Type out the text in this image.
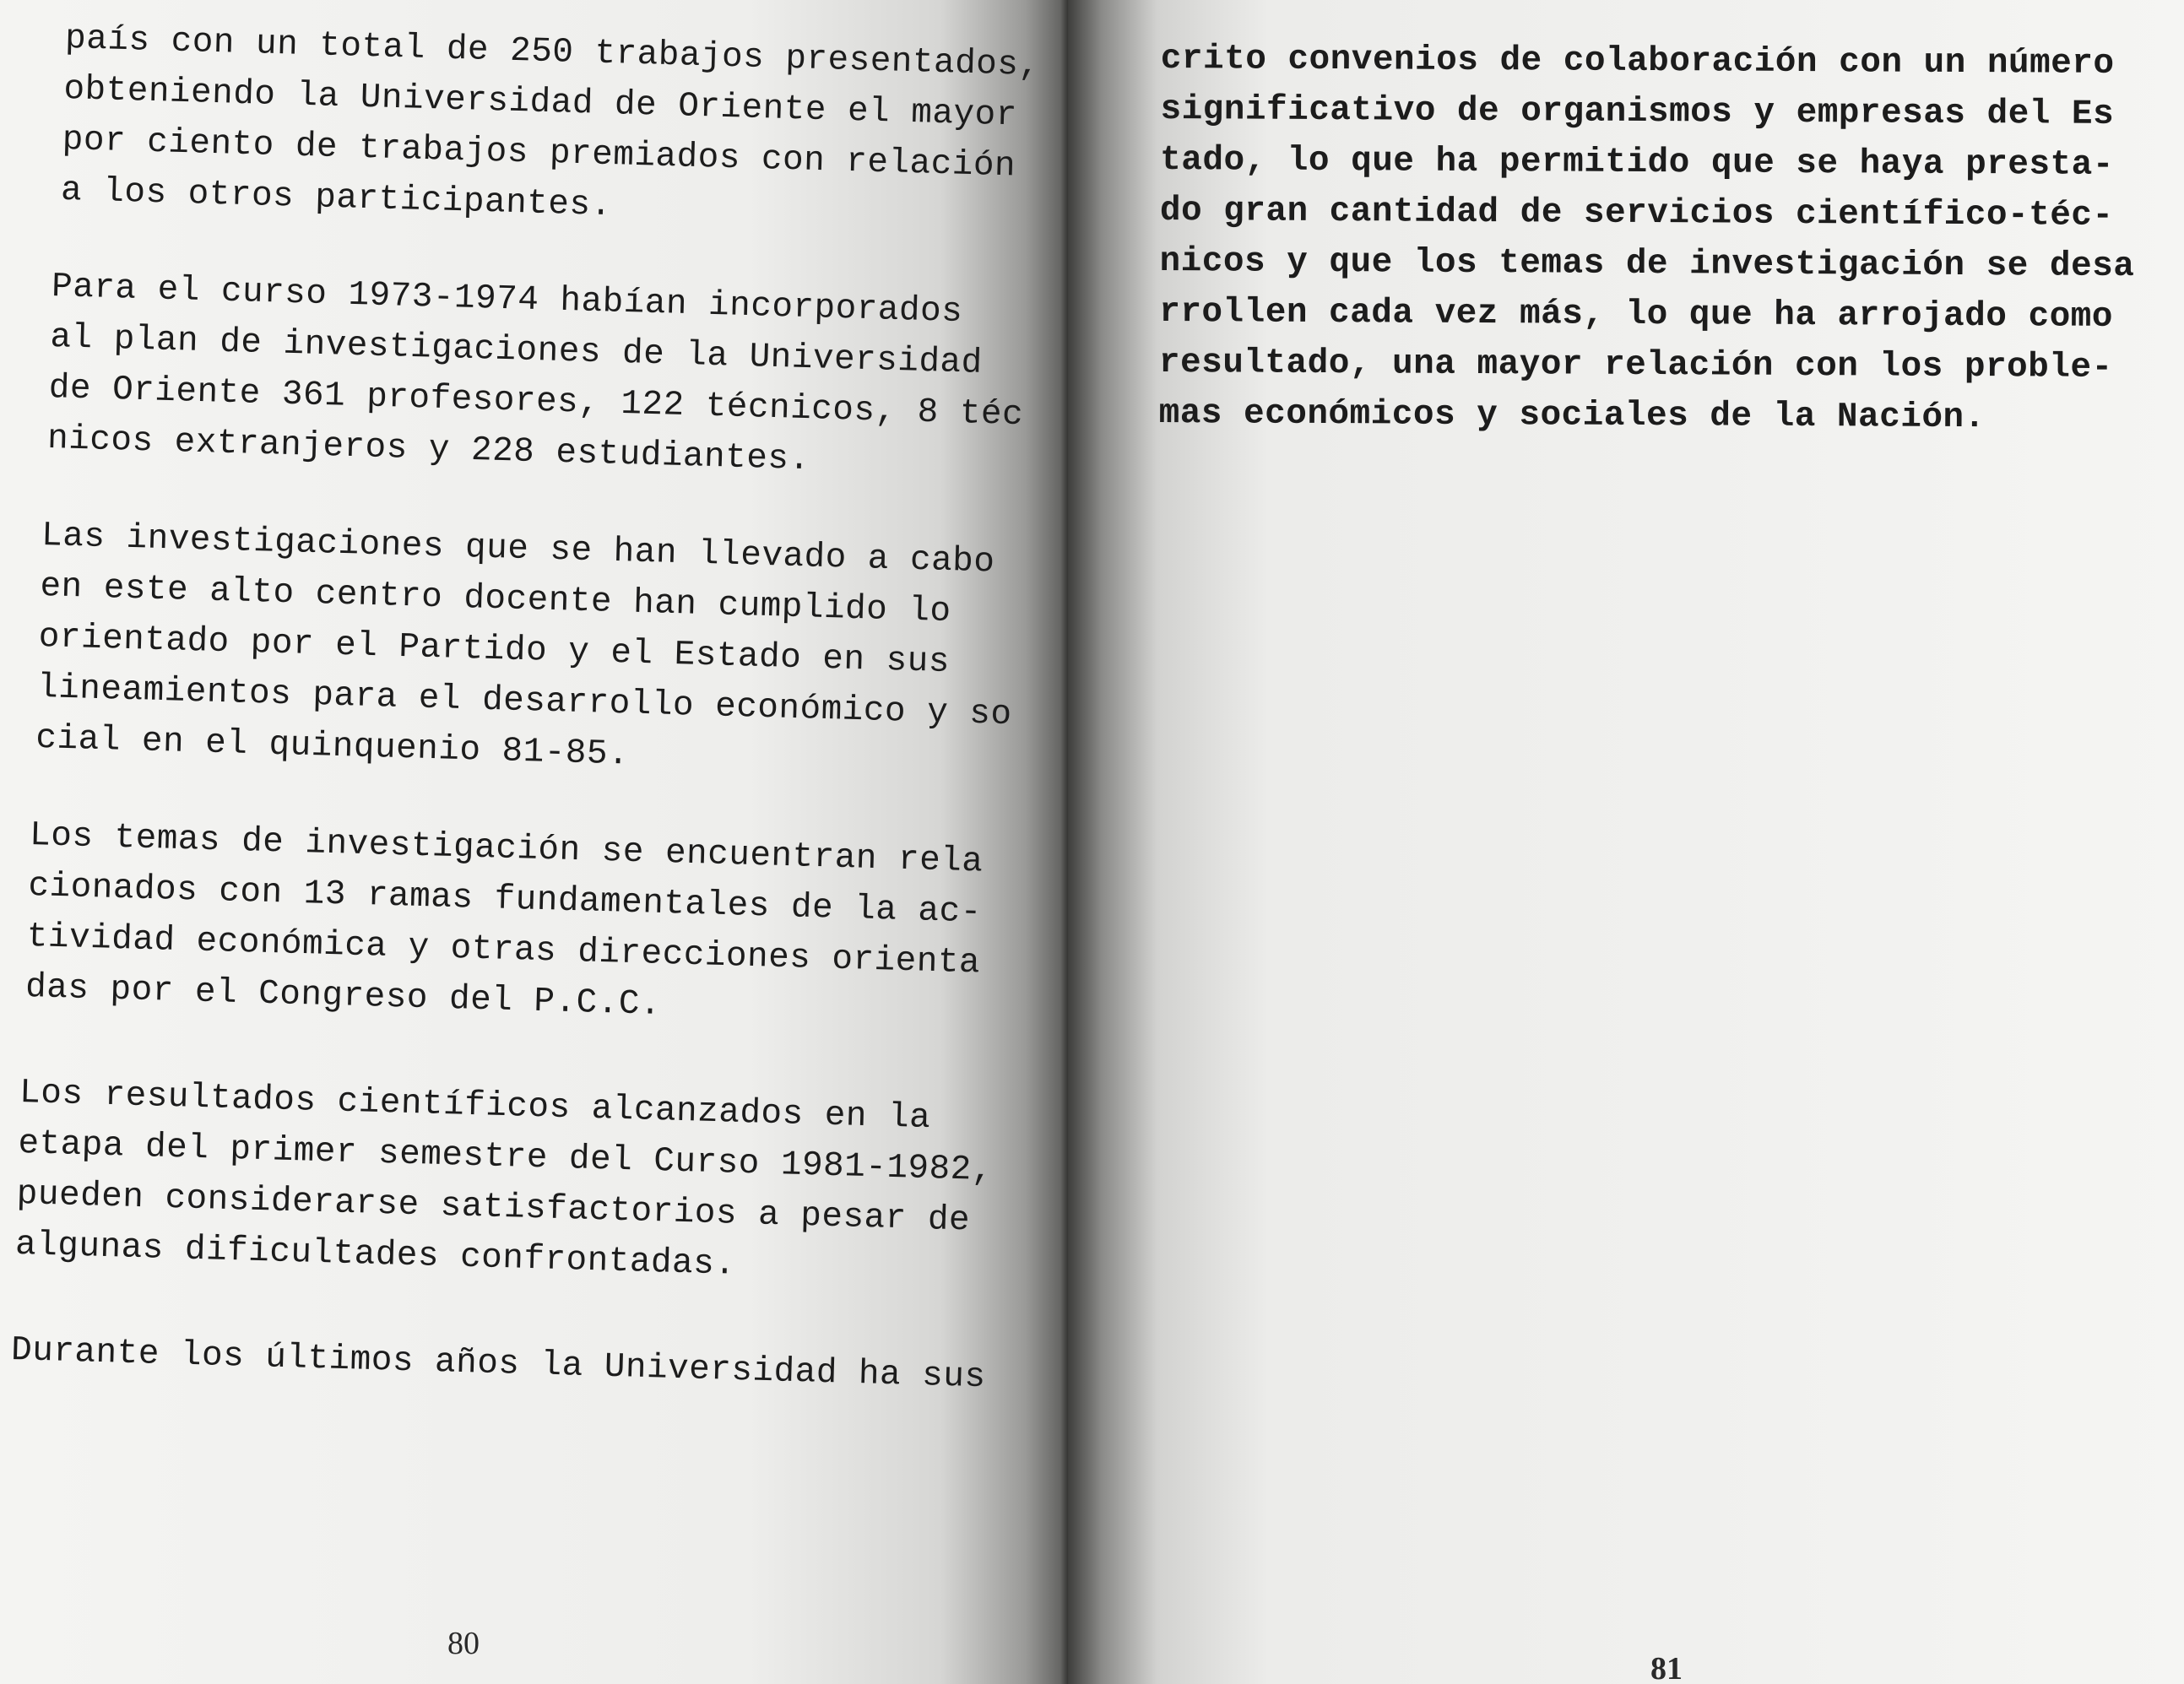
país con un total de 250 trabajos presentados,
obteniendo la Universidad de Oriente el mayor
por ciento de trabajos premiados con relación
a los otros participantes.
Para el curso 1973-1974 habían incorporados
al plan de investigaciones de la Universidad
de Oriente 361 profesores, 122 técnicos, 8 téc
nicos extranjeros y 228 estudiantes.
Las investigaciones que se han llevado a cabo
en este alto centro docente han cumplido lo
orientado por el Partido y el Estado en sus
lineamientos para el desarrollo económico y so
cial en el quinquenio 81-85.
Los temas de investigación se encuentran rela
cionados con 13 ramas fundamentales de la ac-
tividad económica y otras direcciones orienta
das por el Congreso del P.C.C.
Los resultados científicos alcanzados en la
etapa del primer semestre del Curso 1981-1982,
pueden considerarse satisfactorios a pesar de
algunas dificultades confrontadas.
Durante los últimos años la Universidad ha sus
80
crito convenios de colaboración con un número
significativo de organismos y empresas del Es
tado, lo que ha permitido que se haya presta-
do gran cantidad de servicios científico-téc-
nicos y que los temas de investigación se desa
rrollen cada vez más, lo que ha arrojado como
resultado, una mayor relación con los proble-
mas económicos y sociales de la Nación.
81
